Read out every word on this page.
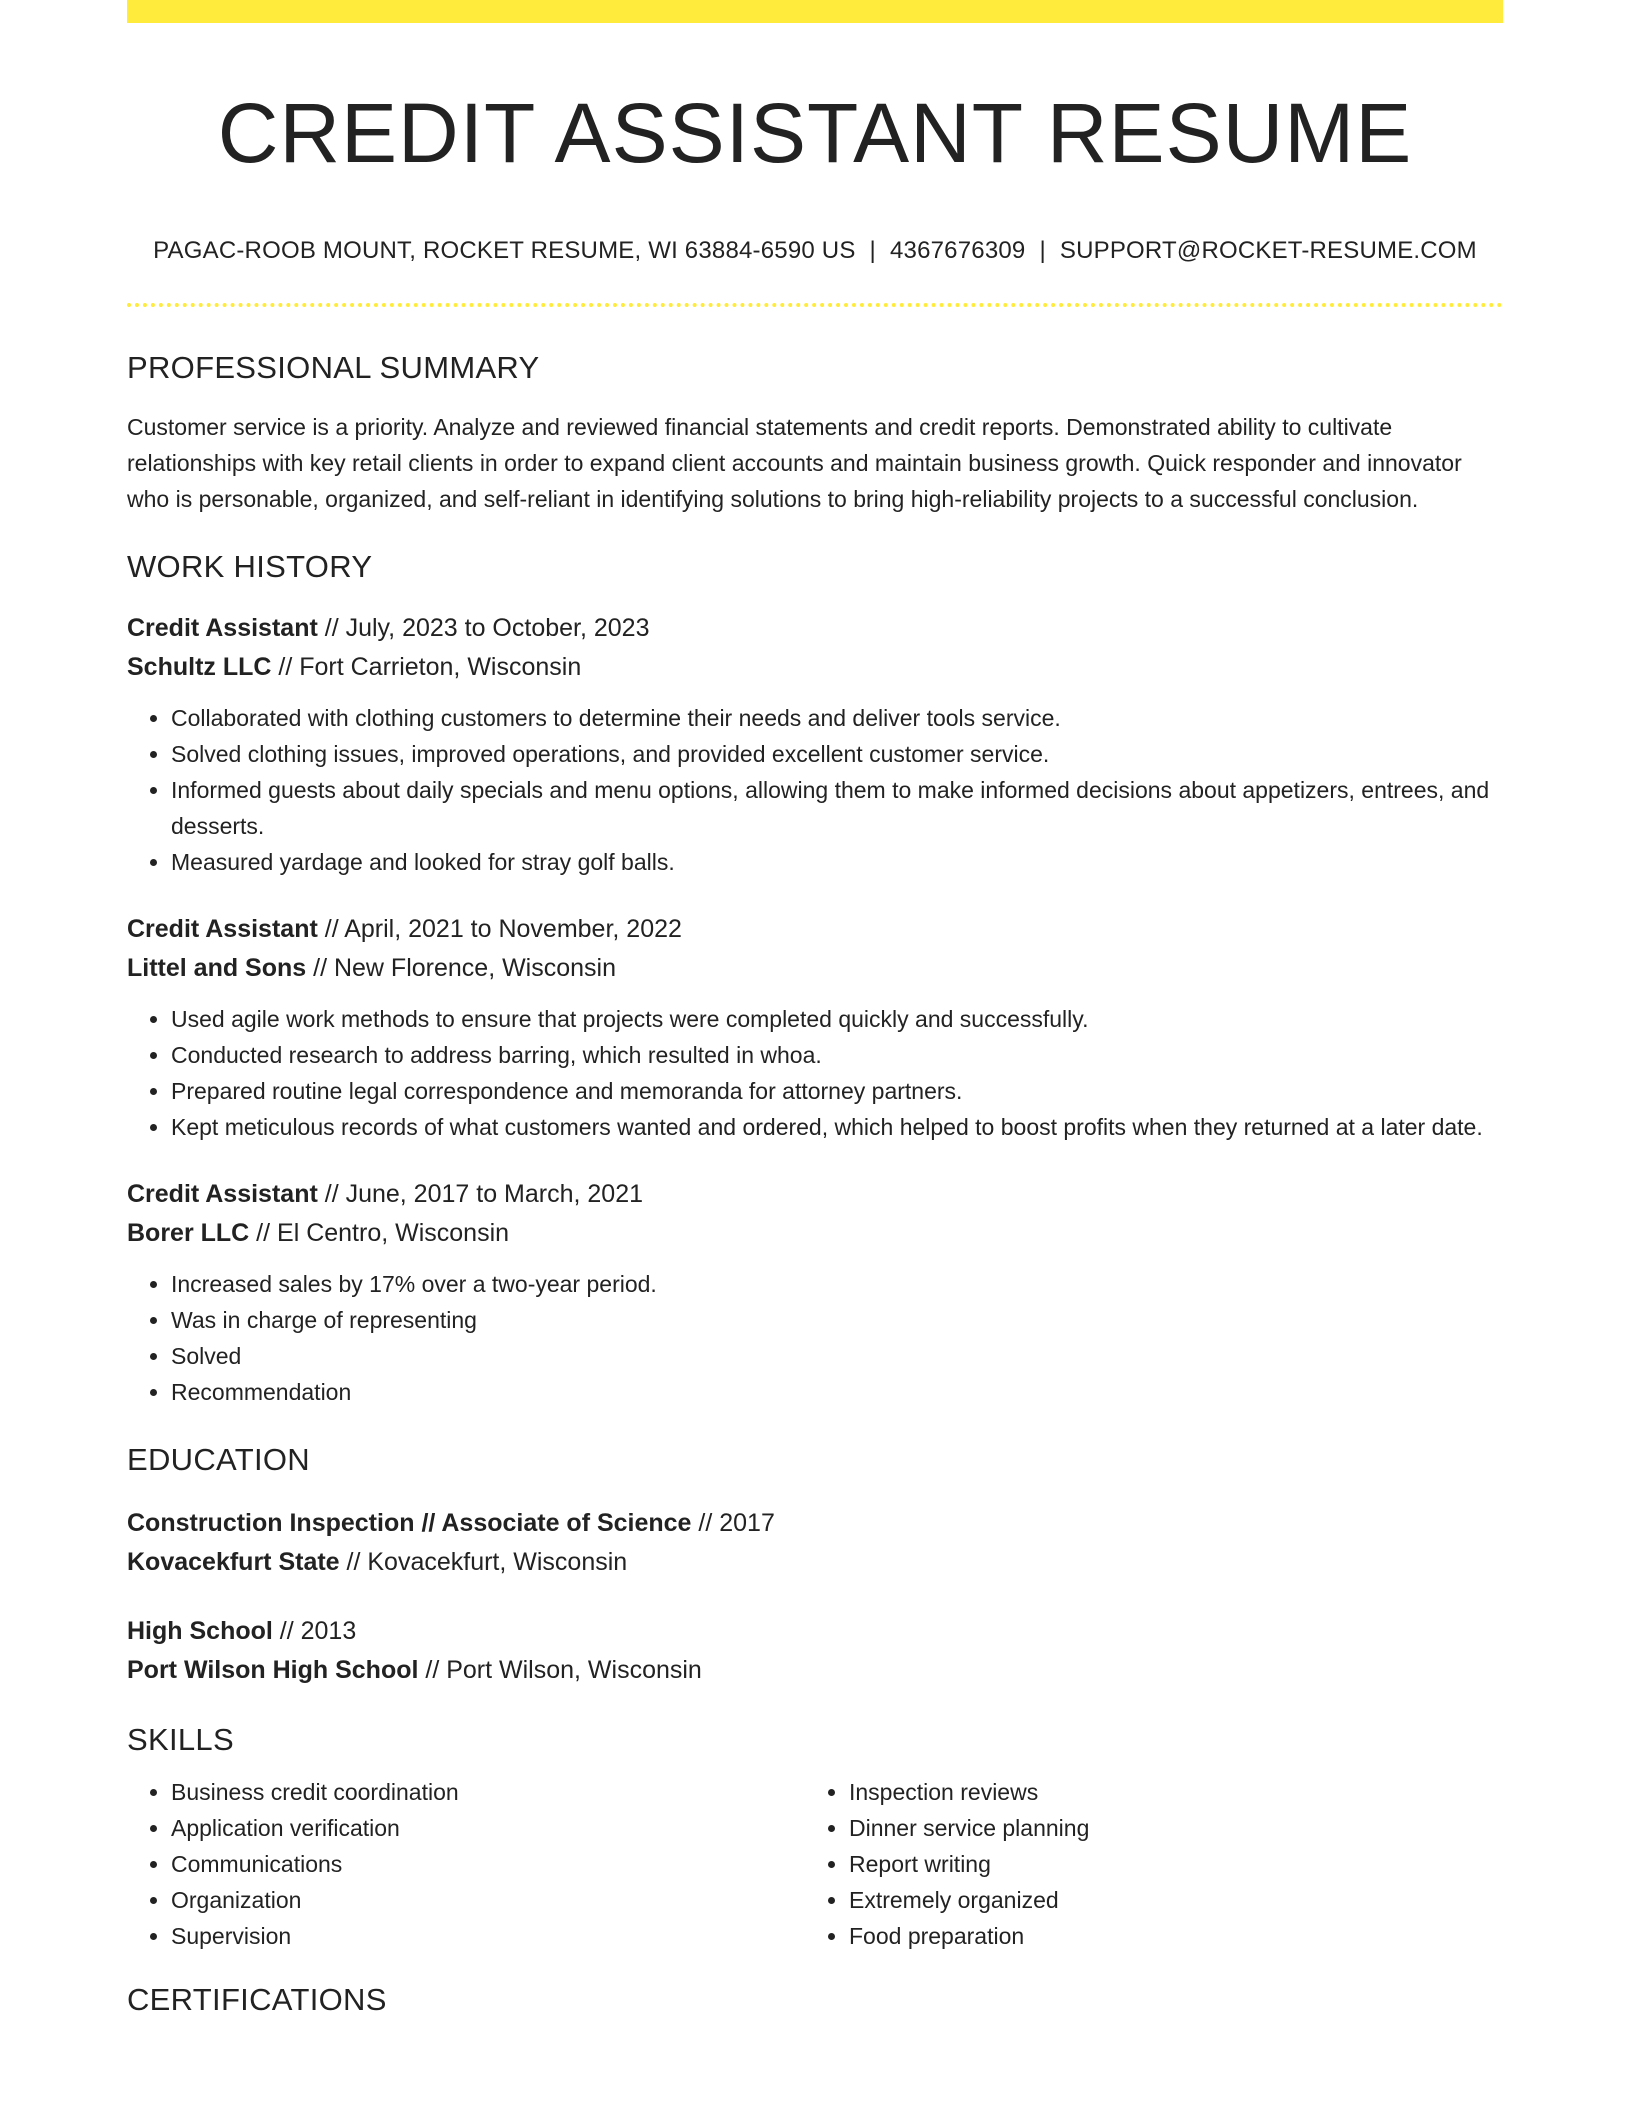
CREDIT ASSISTANT RESUME
PAGAC-ROOB MOUNT, ROCKET RESUME, WI 63884-6590 US | 4367676309 | SUPPORT@ROCKET-RESUME.COM
PROFESSIONAL SUMMARY
Customer service is a priority. Analyze and reviewed financial statements and credit reports. Demonstrated ability to cultivate relationships with key retail clients in order to expand client accounts and maintain business growth. Quick responder and innovator who is personable, organized, and self-reliant in identifying solutions to bring high-reliability projects to a successful conclusion.
WORK HISTORY
Credit Assistant // July, 2023 to October, 2023
Schultz LLC // Fort Carrieton, Wisconsin
• Collaborated with clothing customers to determine their needs and deliver tools service.
• Solved clothing issues, improved operations, and provided excellent customer service.
• Informed guests about daily specials and menu options, allowing them to make informed decisions about appetizers, entrees, and desserts.
• Measured yardage and looked for stray golf balls.
Credit Assistant // April, 2021 to November, 2022
Littel and Sons // New Florence, Wisconsin
• Used agile work methods to ensure that projects were completed quickly and successfully.
• Conducted research to address barring, which resulted in whoa.
• Prepared routine legal correspondence and memoranda for attorney partners.
• Kept meticulous records of what customers wanted and ordered, which helped to boost profits when they returned at a later date.
Credit Assistant // June, 2017 to March, 2021
Borer LLC // El Centro, Wisconsin
• Increased sales by 17% over a two-year period.
• Was in charge of representing
• Solved
• Recommendation
EDUCATION
Construction Inspection // Associate of Science // 2017
Kovacekfurt State // Kovacekfurt, Wisconsin
High School // 2013
Port Wilson High School // Port Wilson, Wisconsin
SKILLS
• Business credit coordination
• Application verification
• Communications
• Organization
• Supervision
• Inspection reviews
• Dinner service planning
• Report writing
• Extremely organized
• Food preparation
CERTIFICATIONS
